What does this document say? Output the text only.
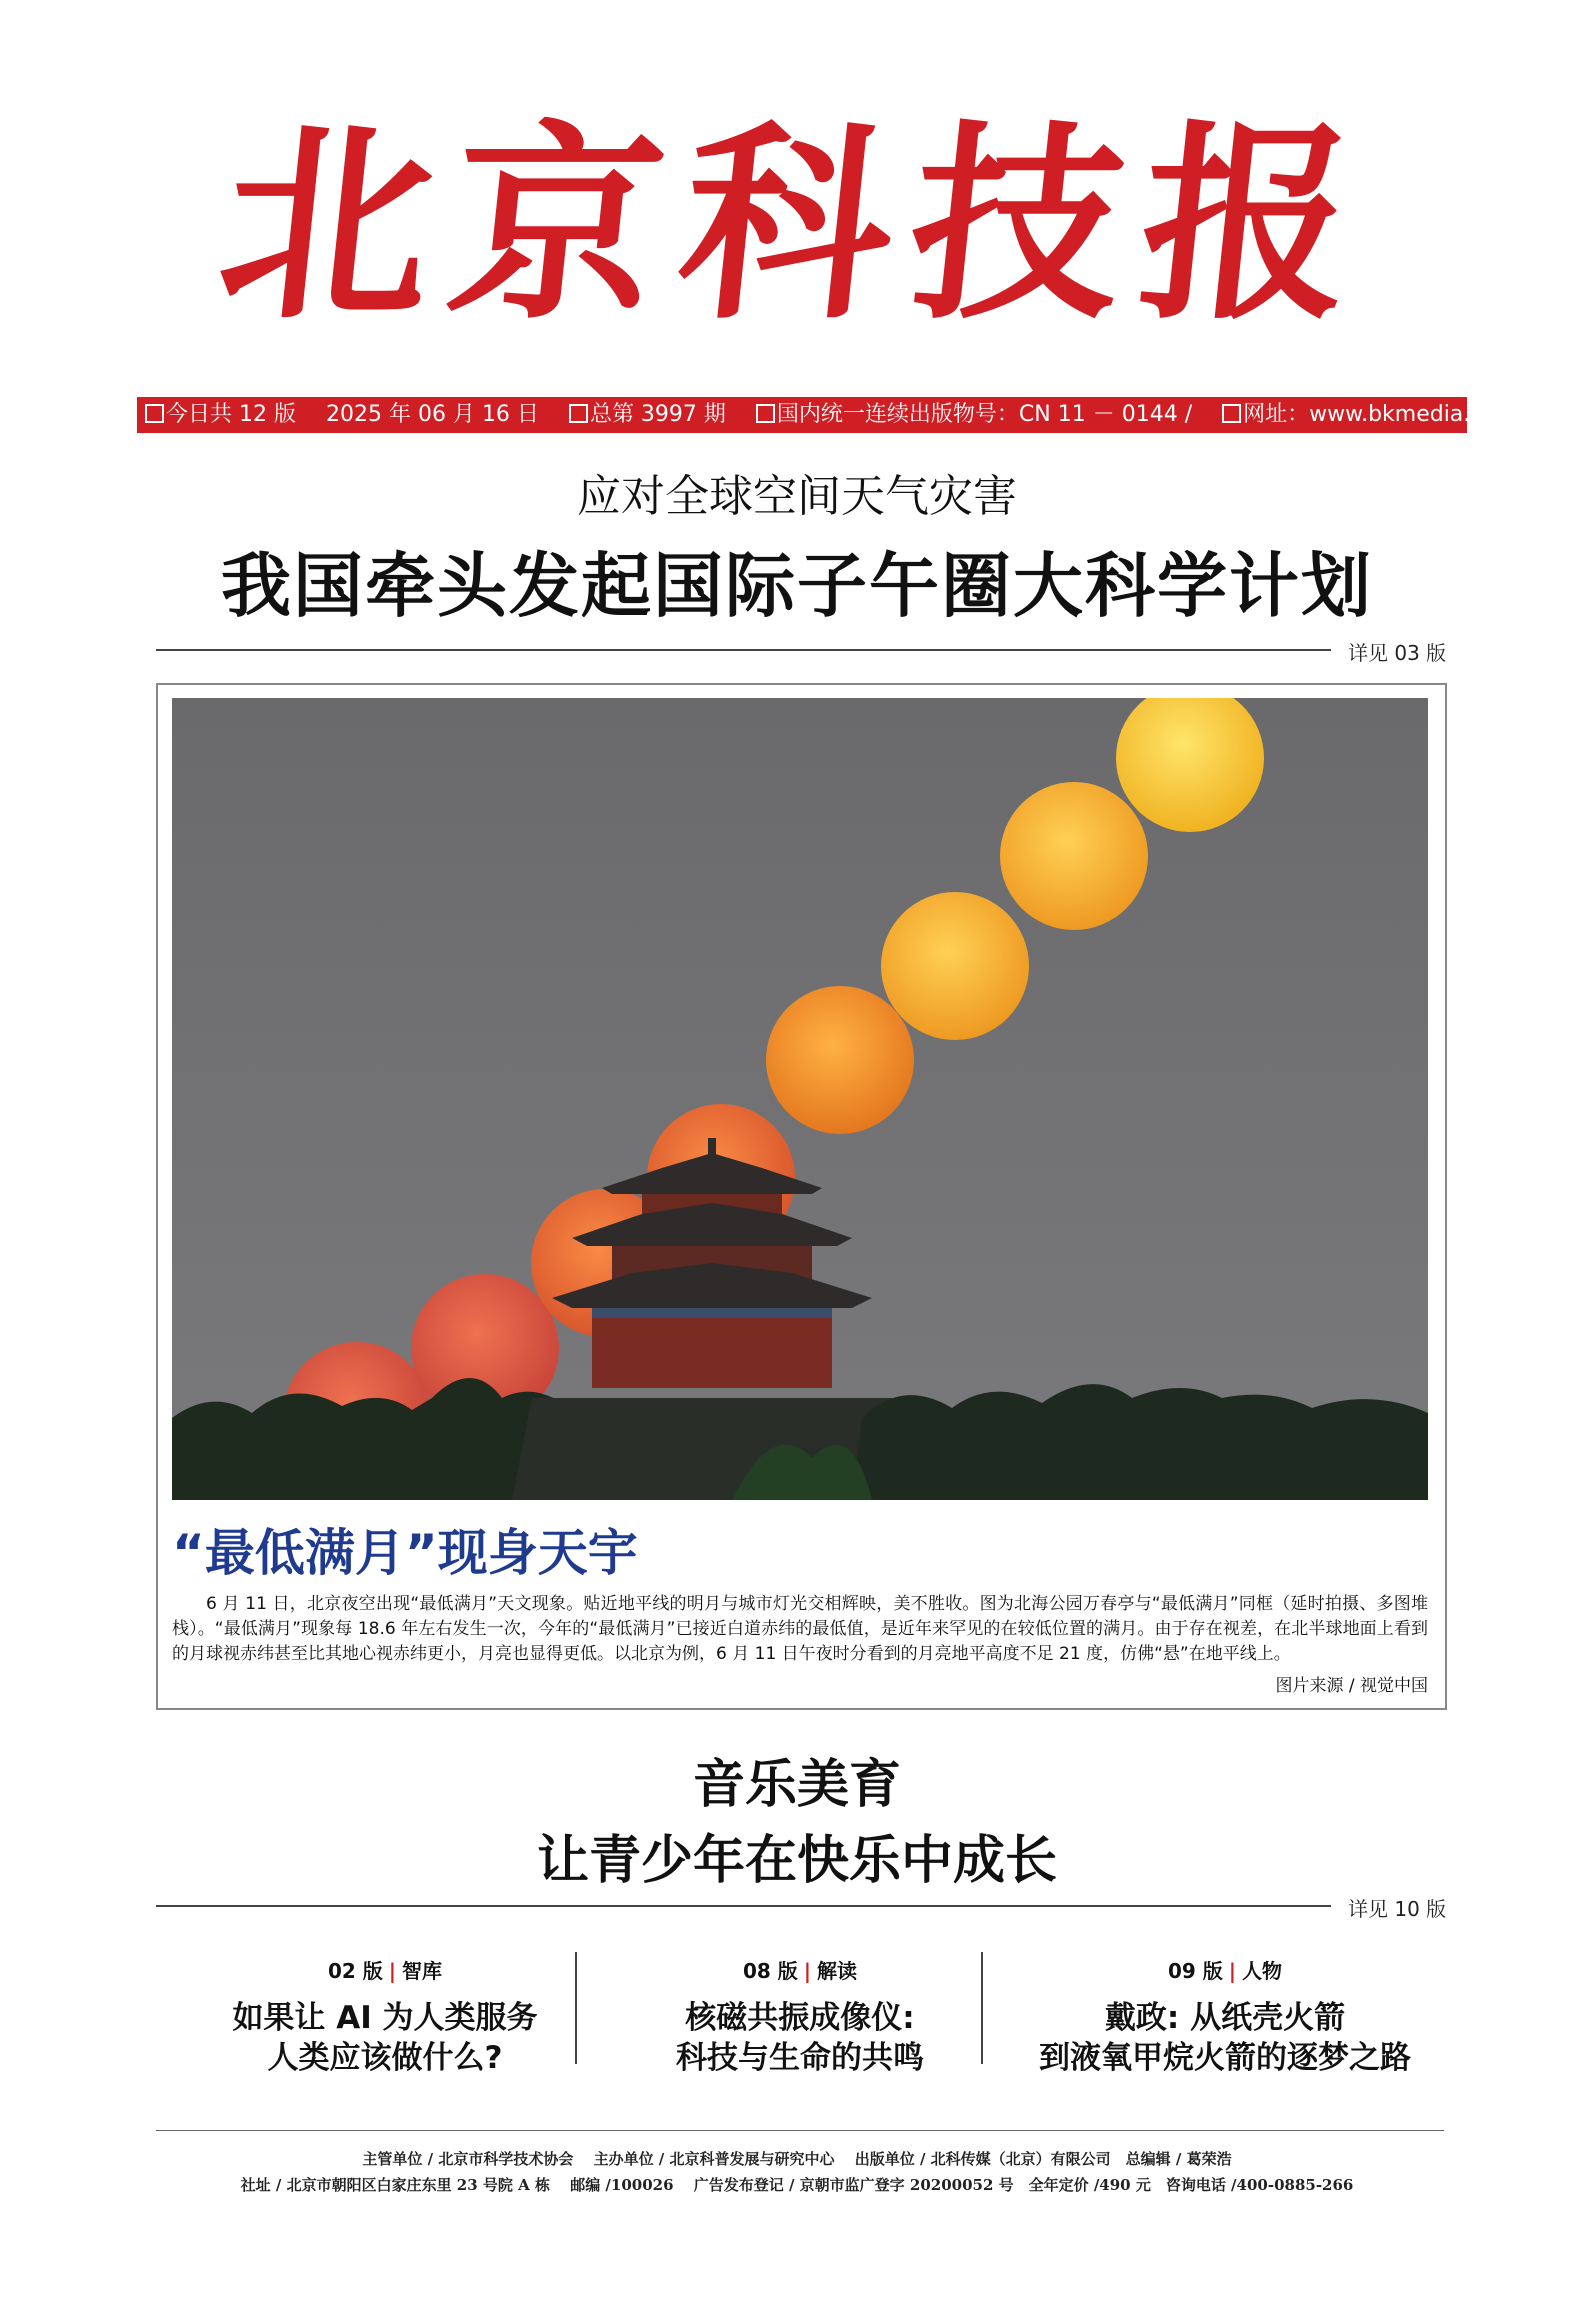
北京科技报
今日共 12 版	2025 年 06 月 16 日	总第 3997 期	国内统一连续出版物号：CN 11 － 0144 /	网址：www.bkmedia.cn
应对全球空间天气灾害
我国牵头发起国际子午圈大科学计划
详见 03 版
“最低满月”现身天宇
6 月 11 日，北京夜空出现“最低满月”天文现象。贴近地平线的明月与城市灯光交相辉映，美不胜收。图为北海公园万春亭与“最低满月”同框（延时拍摄、多图堆栈）。“最低满月”现象每 18.6 年左右发生一次，今年的“最低满月”已接近白道赤纬的最低值，是近年来罕见的在较低位置的满月。由于存在视差，在北半球地面上看到的月球视赤纬甚至比其地心视赤纬更小，月亮也显得更低。以北京为例，6 月 11 日午夜时分看到的月亮地平高度不足 21 度，仿佛“悬”在地平线上。
图片来源 / 视觉中国
音乐美育
让青少年在快乐中成长
详见 10 版
02 版 | 智库
如果让 AI 为人类服务
人类应该做什么?
08 版 | 解读
核磁共振成像仪:
科技与生命的共鸣
09 版 | 人物
戴政: 从纸壳火箭
到液氧甲烷火箭的逐梦之路
主管单位 / 北京市科学技术协会　 主办单位 / 北京科普发展与研究中心　 出版单位 / 北科传媒（北京）有限公司　总编辑 / 葛荣浩
社址 / 北京市朝阳区白家庄东里 23 号院 A 栋　 邮编 /100026　 广告发布登记 / 京朝市监广登字 20200052 号　全年定价 /490 元　咨询电话 /400-0885-266
